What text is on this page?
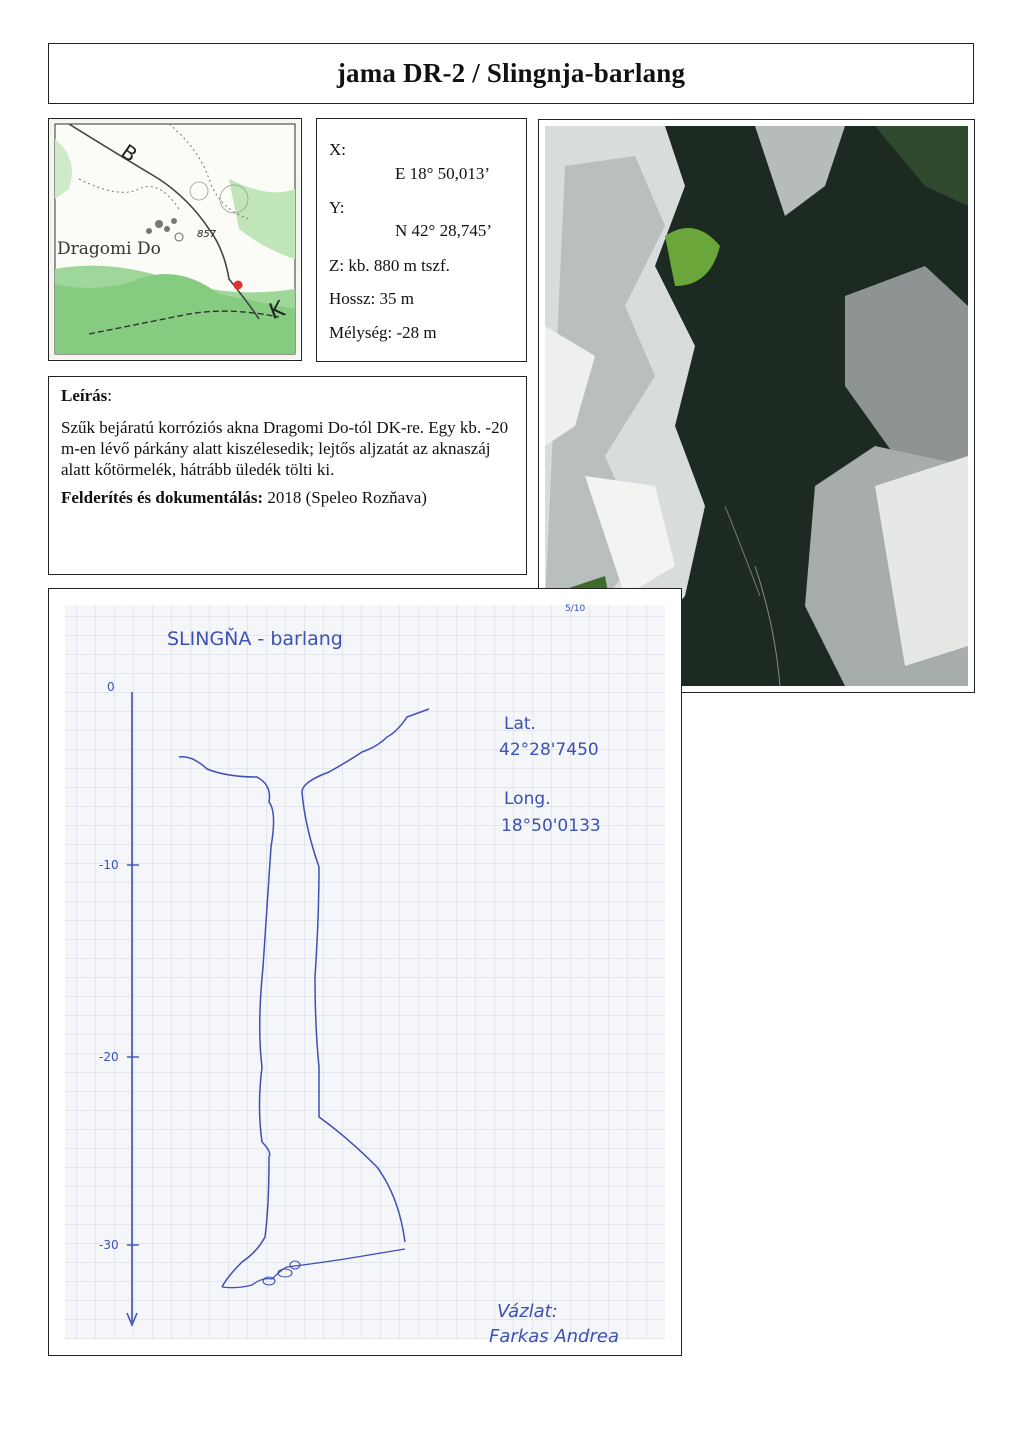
jama DR-2 / Slingnja-barlang
B
857
Dragomi Do
K
X:
E 18° 50,013’
Y:
N 42° 28,745’
Z: kb. 880 m tszf.
Hossz: 35 m
Mélység: -28 m

Leírás:

Szűk bejáratú korróziós akna Dragomi Do-tól DK-re. Egy kb. -20 m-en lévő párkány alatt kiszélesedik; lejtős aljzatát az aknaszáj alatt kőtörmelék, hátrább üledék tölti ki.

Felderítés és dokumentálás: 2018 (Speleo Rozňava)

SLINGŇA - barlang
5/10
0
-10
-20
-30
Lat.
42°28'7450
Long.
18°50'0133
Vázlat:
Farkas Andrea
